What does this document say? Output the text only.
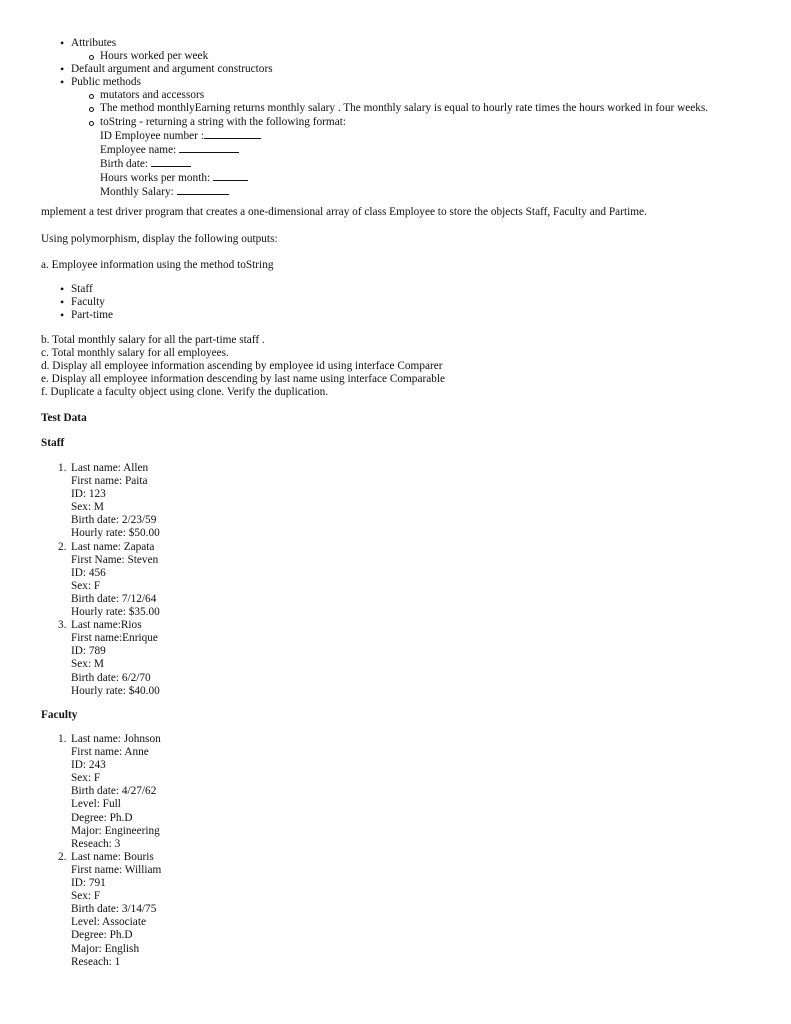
• Attributes
Hours worked per week
• Default argument and argument constructors
• Public methods
mutators and accessors
The method monthlyEarning returns monthly salary . The monthly salary is equal to hourly rate times the hours worked in four weeks.
toString - returning a string with the following format:
ID Employee number :
Employee name:
Birth date:
Hours works per month:
Monthly Salary:
mplement a test driver program that creates a one-dimensional array of class Employee to store the objects Staff, Faculty and Partime.
Using polymorphism, display the following outputs:
a. Employee information using the method toString
• Staff
• Faculty
• Part-time
b. Total monthly salary for all the part-time staff .
c. Total monthly salary for all employees.
d. Display all employee information ascending by employee id using interface Comparer
e. Display all employee information descending by last name using interface Comparable
f. Duplicate a faculty object using clone. Verify the duplication.
Test Data
Staff
1. Last name: Allen
First name: Paita
ID: 123
Sex: M
Birth date: 2/23/59
Hourly rate: $50.00
2. Last name: Zapata
First Name: Steven
ID: 456
Sex: F
Birth date: 7/12/64
Hourly rate: $35.00
3. Last name:Rios
First name:Enrique
ID: 789
Sex: M
Birth date: 6/2/70
Hourly rate: $40.00
Faculty
1. Last name: Johnson
First name: Anne
ID: 243
Sex: F
Birth date: 4/27/62
Level: Full
Degree: Ph.D
Major: Engineering
Reseach: 3
2. Last name: Bouris
First name: William
ID: 791
Sex: F
Birth date: 3/14/75
Level: Associate
Degree: Ph.D
Major: English
Reseach: 1
